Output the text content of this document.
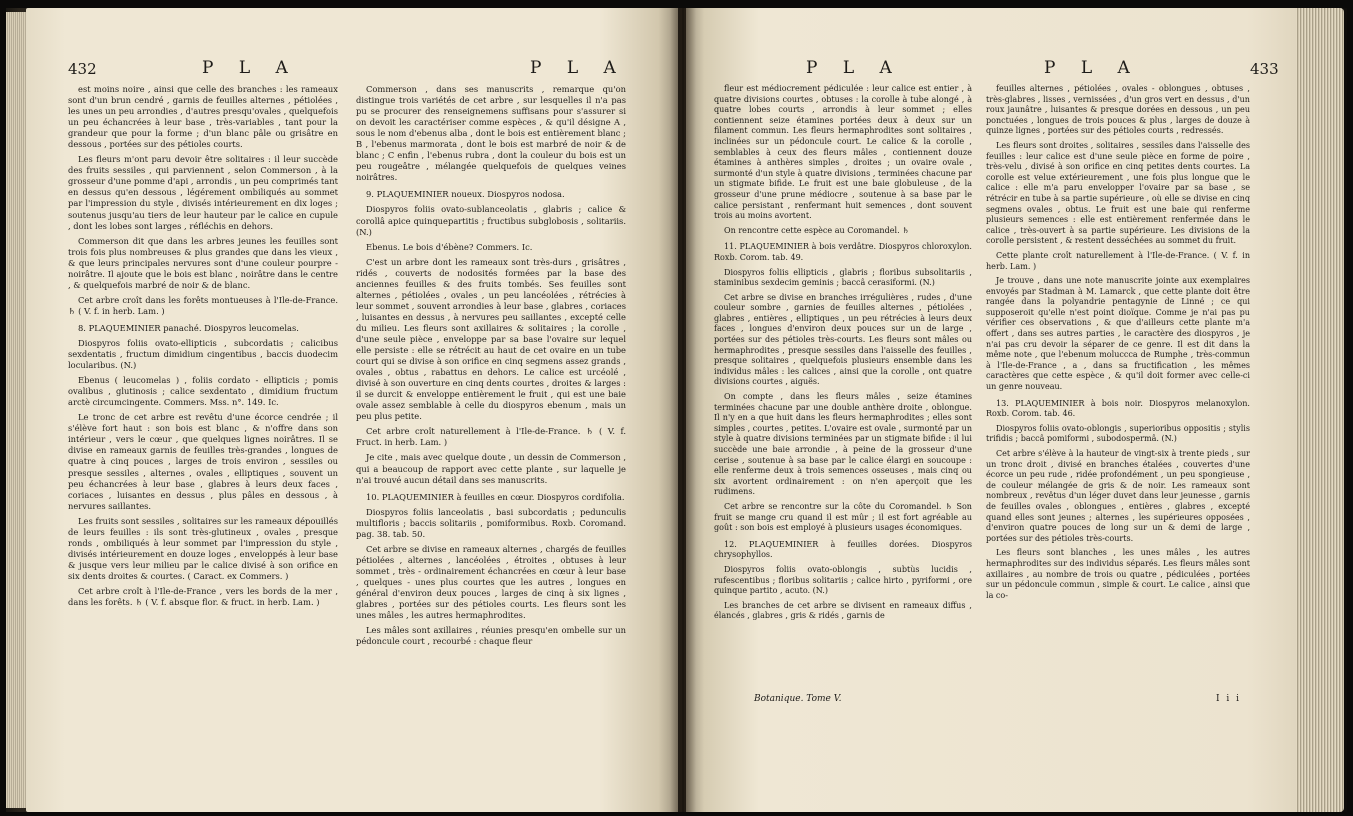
432	P L A	P L A

est moins noire , ainsi que celle des branches : les rameaux sont d'un brun cendré , garnis de feuilles alternes , pétiolées , les unes un peu arrondies , d'autres presqu'ovales , quelquefois un peu échancrées à leur base , très-variables , tant pour la grandeur que pour la forme ; d'un blanc pâle ou grisâtre en dessous , portées sur des pétioles courts.

Les fleurs m'ont paru devoir être solitaires : il leur succède des fruits sessiles , qui parviennent , selon Commerson , à la grosseur d'une pomme d'api , arrondis , un peu comprimés tant en dessus qu'en dessous , légérement ombiliqués au sommet par l'impression du style , divisés intérieurement en dix loges ; soutenus jusqu'au tiers de leur hauteur par le calice en cupule , dont les lobes sont larges , réfléchis en dehors.

Commerson dit que dans les arbres jeunes les feuilles sont trois fois plus nombreuses & plus grandes que dans les vieux , & que leurs principales nervures sont d'une couleur pourpre - noirâtre. Il ajoute que le bois est blanc , noirâtre dans le centre , & quelquefois marbré de noir & de blanc.

Cet arbre croît dans les forêts montueuses à l'Ile-de-France. ♄ ( V. f. in herb. Lam. )

8. PLAQUEMINIER panaché. Diospyros leucomelas.

Diospyros foliis ovato-ellipticis , subcordatis ; calicibus sexdentatis , fructum dimidium cingentibus , baccis duodecim locularibus. (N.)

Ebenus ( leucomelas ) , foliis cordato - ellipticis ; pomis ovalibus , glutinosis ; calice sexdentato , dimidium fructum arctè circumcingente. Commers. Mss. n°. 149. Ic.

Le tronc de cet arbre est revêtu d'une écorce cendrée ; il s'élève fort haut : son bois est blanc , & n'offre dans son intérieur , vers le cœur , que quelques lignes noirâtres. Il se divise en rameaux garnis de feuilles très-grandes , longues de quatre à cinq pouces , larges de trois environ , sessiles ou presque sessiles , alternes , ovales , elliptiques , souvent un peu échancrées à leur base , glabres à leurs deux faces , coriaces , luisantes en dessus , plus pâles en dessous , à nervures saillantes.

Les fruits sont sessiles , solitaires sur les rameaux dépouillés de leurs feuilles : ils sont très-glutineux , ovales , presque ronds , ombiliqués à leur sommet par l'impression du style , divisés intérieurement en douze loges , enveloppés à leur base & jusque vers leur milieu par le calice divisé à son orifice en six dents droites & courtes. ( Caract. ex Commers. )

Cet arbre croît à l'Ile-de-France , vers les bords de la mer , dans les forêts. ♄ ( V. f. absque flor. & fruct. in herb. Lam. )

Commerson , dans ses manuscrits , remarque qu'on distingue trois variétés de cet arbre , sur lesquelles il n'a pas pu se procurer des renseignemens suffisans pour s'assurer si on devoit les caractériser comme espèces , & qu'il désigne A , sous le nom d'ebenus alba , dont le bois est entièrement blanc ; B , l'ebenus marmorata , dont le bois est marbré de noir & de blanc ; C enfin , l'ebenus rubra , dont la couleur du bois est un peu rougeâtre , mélangée quelquefois de quelques veines noirâtres.

9. PLAQUEMINIER noueux. Diospyros nodosa.

Diospyros foliis ovato-sublanceolatis , glabris ; calice & corollâ apice quinquepartitis ; fructibus subglobosis , solitariis. (N.)

Ebenus. Le bois d'ébène? Commers. Ic.

C'est un arbre dont les rameaux sont très-durs , grisâtres , ridés , couverts de nodosités formées par la base des anciennes feuilles & des fruits tombés. Ses feuilles sont alternes , pétiolées , ovales , un peu lancéolées , rétrécies à leur sommet , souvent arrondies à leur base , glabres , coriaces , luisantes en dessus , à nervures peu saillantes , excepté celle du milieu. Les fleurs sont axillaires & solitaires ; la corolle , d'une seule pièce , enveloppe par sa base l'ovaire sur lequel elle persiste : elle se rétrécit au haut de cet ovaire en un tube court qui se divise à son orifice en cinq segmens assez grands , ovales , obtus , rabattus en dehors. Le calice est urcéolé , divisé à son ouverture en cinq dents courtes , droites & larges : il se durcit & enveloppe entièrement le fruit , qui est une baie ovale assez semblable à celle du diospyros ebenum , mais un peu plus petite.

Cet arbre croît naturellement à l'Ile-de-France. ♄ ( V. f. Fruct. in herb. Lam. )

Je cite , mais avec quelque doute , un dessin de Commerson , qui a beaucoup de rapport avec cette plante , sur laquelle je n'ai trouvé aucun détail dans ses manuscrits.

10. PLAQUEMINIER à feuilles en cœur. Diospyros cordifolia.

Diospyros foliis lanceolatis , basi subcordatis ; pedunculis multifloris ; baccis solitariis , pomiformibus. Roxb. Coromand. pag. 38. tab. 50.

Cet arbre se divise en rameaux alternes , chargés de feuilles pétiolées , alternes , lancéolées , étroites , obtuses à leur sommet , très - ordinairement échancrées en cœur à leur base , quelques - unes plus courtes que les autres , longues en général d'environ deux pouces , larges de cinq à six lignes , glabres , portées sur des pétioles courts. Les fleurs sont les unes mâles , les autres hermaphrodites.

Les mâles sont axillaires , réunies presqu'en ombelle sur un pédoncule court , recourbé : chaque fleur

P L A	P L A	433

fleur est médiocrement pédiculée : leur calice est entier , à quatre divisions courtes , obtuses : la corolle à tube alongé , à quatre lobes courts , arrondis à leur sommet ; elles contiennent seize étamines portées deux à deux sur un filament commun. Les fleurs hermaphrodites sont solitaires , inclinées sur un pédoncule court. Le calice & la corolle , semblables à ceux des fleurs mâles , contiennent douze étamines à anthères simples , droites ; un ovaire ovale , surmonté d'un style à quatre divisions , terminées chacune par un stigmate bifide. Le fruit est une baie globuleuse , de la grosseur d'une prune médiocre , soutenue à sa base par le calice persistant , renfermant huit semences , dont souvent trois au moins avortent.

On rencontre cette espèce au Coromandel. ♄

11. PLAQUEMINIER à bois verdâtre. Diospyros chloroxylon. Roxb. Corom. tab. 49.

Diospyros foliis ellipticis , glabris ; floribus subsolitariis , staminibus sexdecim geminis ; baccâ cerasiformi. (N.)

Cet arbre se divise en branches irrégulières , rudes , d'une couleur sombre , garnies de feuilles alternes , pétiolées , glabres , entières , elliptiques , un peu rétrécies à leurs deux faces , longues d'environ deux pouces sur un de large , portées sur des pétioles très-courts. Les fleurs sont mâles ou hermaphrodites , presque sessiles dans l'aisselle des feuilles , presque solitaires , quelquefois plusieurs ensemble dans les individus mâles : les calices , ainsi que la corolle , ont quatre divisions courtes , aiguës.

On compte , dans les fleurs mâles , seize étamines terminées chacune par une double anthère droite , oblongue. Il n'y en a que huit dans les fleurs hermaphrodites ; elles sont simples , courtes , petites. L'ovaire est ovale , surmonté par un style à quatre divisions terminées par un stigmate bifide : il lui succède une baie arrondie , à peine de la grosseur d'une cerise , soutenue à sa base par le calice élargi en soucoupe : elle renferme deux à trois semences osseuses , mais cinq ou six avortent ordinairement : on n'en aperçoit que les rudimens.

Cet arbre se rencontre sur la côte du Coromandel. ♄ Son fruit se mange cru quand il est mûr ; il est fort agréable au goût : son bois est employé à plusieurs usages économiques.

12. PLAQUEMINIER à feuilles dorées. Diospyros chrysophyllos.

Diospyros foliis ovato-oblongis , subtùs lucidis , rufescentibus ; floribus solitariis ; calice hirto , pyriformi , ore quinque partito , acuto. (N.)

Les branches de cet arbre se divisent en rameaux diffus , élancés , glabres , gris & ridés , garnis de

feuilles alternes , pétiolées , ovales - oblongues , obtuses , très-glabres , lisses , vernissées , d'un gros vert en dessus , d'un roux jaunâtre , luisantes & presque dorées en dessous , un peu ponctuées , longues de trois pouces & plus , larges de douze à quinze lignes , portées sur des pétioles courts , redressés.

Les fleurs sont droites , solitaires , sessiles dans l'aisselle des feuilles : leur calice est d'une seule pièce en forme de poire , très-velu , divisé à son orifice en cinq petites dents courtes. La corolle est velue extérieurement , une fois plus longue que le calice : elle m'a paru envelopper l'ovaire par sa base , se rétrécir en tube à sa partie supérieure , où elle se divise en cinq segmens ovales , obtus. Le fruit est une baie qui renferme plusieurs semences : elle est entièrement renfermée dans le calice , très-ouvert à sa partie supérieure. Les divisions de la corolle persistent , & restent desséchées au sommet du fruit.

Cette plante croît naturellement à l'Ile-de-France. ( V. f. in herb. Lam. )

Je trouve , dans une note manuscrite jointe aux exemplaires envoyés par Stadman à M. Lamarck , que cette plante doit être rangée dans la polyandrie pentagynie de Linné ; ce qui supposeroit qu'elle n'est point dioïque. Comme je n'ai pas pu vérifier ces observations , & que d'ailleurs cette plante m'a offert , dans ses autres parties , le caractère des diospyros , je n'ai pas cru devoir la séparer de ce genre. Il est dit dans la même note , que l'ebenum moluccca de Rumphe , très-commun à l'Ile-de-France , a , dans sa fructification , les mêmes caractères que cette espèce , & qu'il doit former avec celle-ci un genre nouveau.

13. PLAQUEMINIER à bois noir. Diospyros melanoxylon. Roxb. Corom. tab. 46.

Diospyros foliis ovato-oblongis , superioribus oppositis ; stylis trifidis ; baccâ pomiformi , subodospermâ. (N.)

Cet arbre s'élève à la hauteur de vingt-six à trente pieds , sur un tronc droit , divisé en branches étalées , couvertes d'une écorce un peu rude , ridée profondément , un peu spongieuse , de couleur mélangée de gris & de noir. Les rameaux sont nombreux , revêtus d'un léger duvet dans leur jeunesse , garnis de feuilles ovales , oblongues , entières , glabres , excepté quand elles sont jeunes ; alternes , les supérieures opposées , d'environ quatre pouces de long sur un & demi de large , portées sur des pétioles très-courts.

Les fleurs sont blanches , les unes mâles , les autres hermaphrodites sur des individus séparés. Les fleurs mâles sont axillaires , au nombre de trois ou quatre , pédiculées , portées sur un pédoncule commun , simple & court. Le calice , ainsi que la co-

Botanique. Tome V.	I i i
